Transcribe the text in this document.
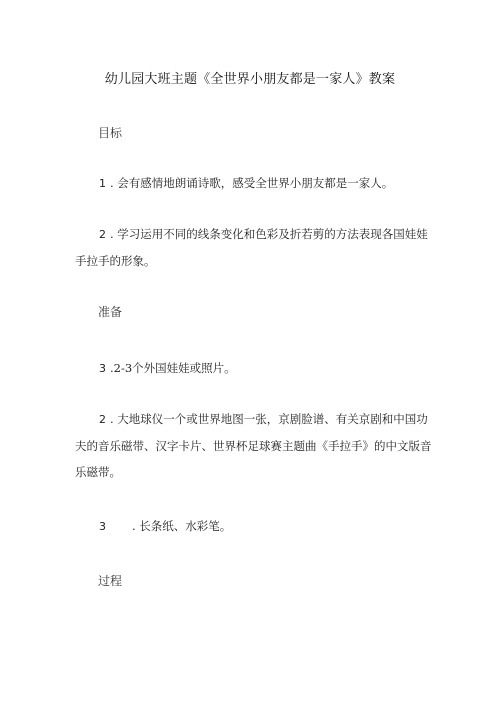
幼儿园大班主题《全世界小朋友都是一家人》教案
目标
1 . 会有感情地朗诵诗歌，感受全世界小朋友都是一家人。
2 . 学习运用不同的线条变化和色彩及折若剪的方法表现各国娃娃手拉手的形象。
准备
3 .2-3个外国娃娃或照片。
2 . 大地球仪一个或世界地图一张，京剧脸谱、有关京剧和中国功夫的音乐磁带、汉字卡片、世界杯足球赛主题曲《手拉手》的中文版音乐磁带。
3 . 长条纸、水彩笔。
过程
